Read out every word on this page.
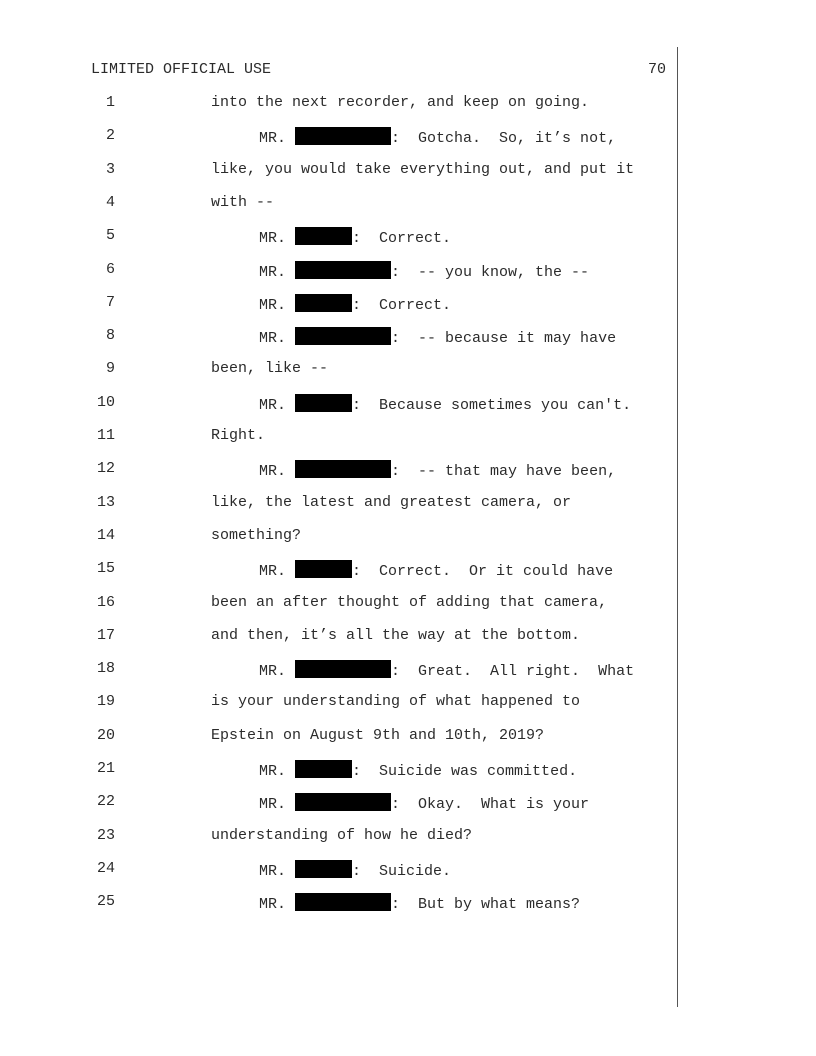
LIMITED OFFICIAL USE	70
1	into the next recorder, and keep on going.
2	MR.	:  Gotcha.  So, it’s not,
3	like, you would take everything out, and put it
4	with --
5	MR.	:  Correct.
6	MR.	:  -- you know, the --
7	MR.	:  Correct.
8	MR.	:  -- because it may have
9	been, like --
10	MR.	:  Because sometimes you can't.
11	Right.
12	MR.	:  -- that may have been,
13	like, the latest and greatest camera, or
14	something?
15	MR.	:  Correct.  Or it could have
16	been an after thought of adding that camera,
17	and then, it’s all the way at the bottom.
18	MR.	:  Great.  All right.  What
19	is your understanding of what happened to
20	Epstein on August 9th and 10th, 2019?
21	MR.	:  Suicide was committed.
22	MR.	:  Okay.  What is your
23	understanding of how he died?
24	MR.	:  Suicide.
25	MR.	:  But by what means?
